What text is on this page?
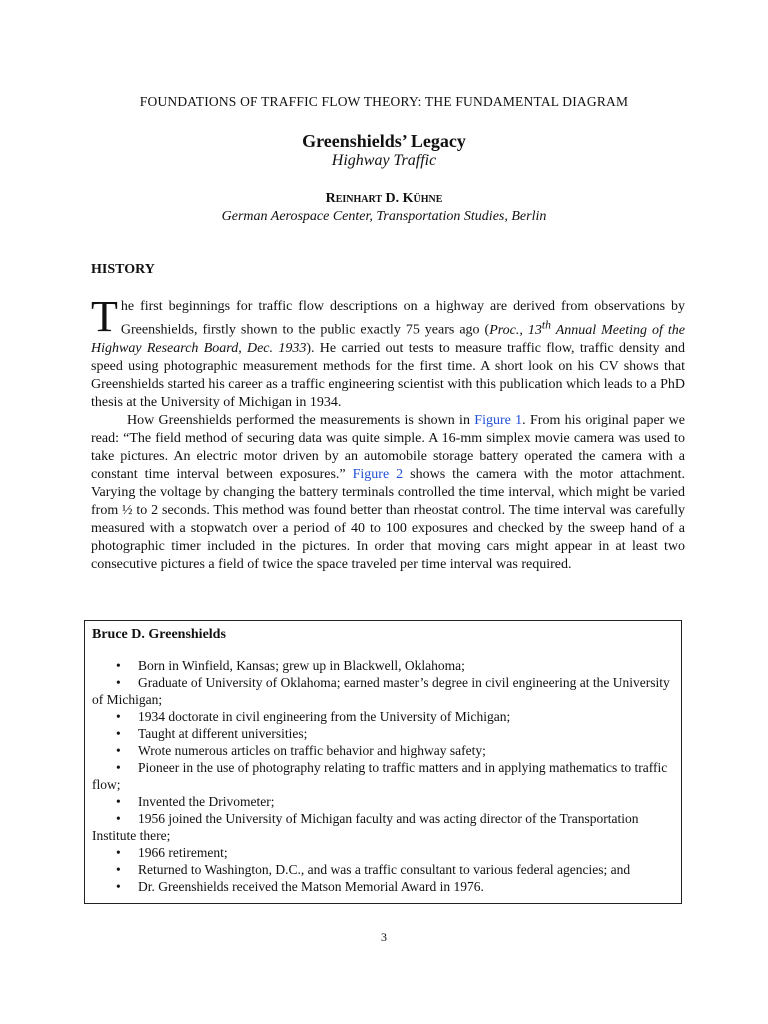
FOUNDATIONS OF TRAFFIC FLOW THEORY: THE FUNDAMENTAL DIAGRAM
Greenshields’ Legacy
Highway Traffic
Reinhart D. Kühne
German Aerospace Center, Transportation Studies, Berlin
HISTORY

The first beginnings for traffic flow descriptions on a highway are derived from observations by Greenshields, firstly shown to the public exactly 75 years ago (Proc., 13th Annual Meeting of the Highway Research Board, Dec. 1933). He carried out tests to measure traffic flow, traffic density and speed using photographic measurement methods for the first time. A short look on his CV shows that Greenshields started his career as a traffic engineering scientist with this publication which leads to a PhD thesis at the University of Michigan in 1934.

How Greenshields performed the measurements is shown in Figure 1. From his original paper we read: “The field method of securing data was quite simple. A 16-mm simplex movie camera was used to take pictures. An electric motor driven by an automobile storage battery operated the camera with a constant time interval between exposures.” Figure 2 shows the camera with the motor attachment. Varying the voltage by changing the battery terminals controlled the time interval, which might be varied from ½ to 2 seconds. This method was found better than rheostat control. The time interval was carefully measured with a stopwatch over a period of 40 to 100 exposures and checked by the sweep hand of a photographic timer included in the pictures. In order that moving cars might appear in at least two consecutive pictures a field of twice the space traveled per time interval was required.

Bruce D. Greenshields
• Born in Winfield, Kansas; grew up in Blackwell, Oklahoma;
• Graduate of University of Oklahoma; earned master’s degree in civil engineering at the University of Michigan;
• 1934 doctorate in civil engineering from the University of Michigan;
• Taught at different universities;
• Wrote numerous articles on traffic behavior and highway safety;
• Pioneer in the use of photography relating to traffic matters and in applying mathematics to traffic flow;
• Invented the Drivometer;
• 1956 joined the University of Michigan faculty and was acting director of the Transportation Institute there;
• 1966 retirement;
• Returned to Washington, D.C., and was a traffic consultant to various federal agencies; and
• Dr. Greenshields received the Matson Memorial Award in 1976.
3
